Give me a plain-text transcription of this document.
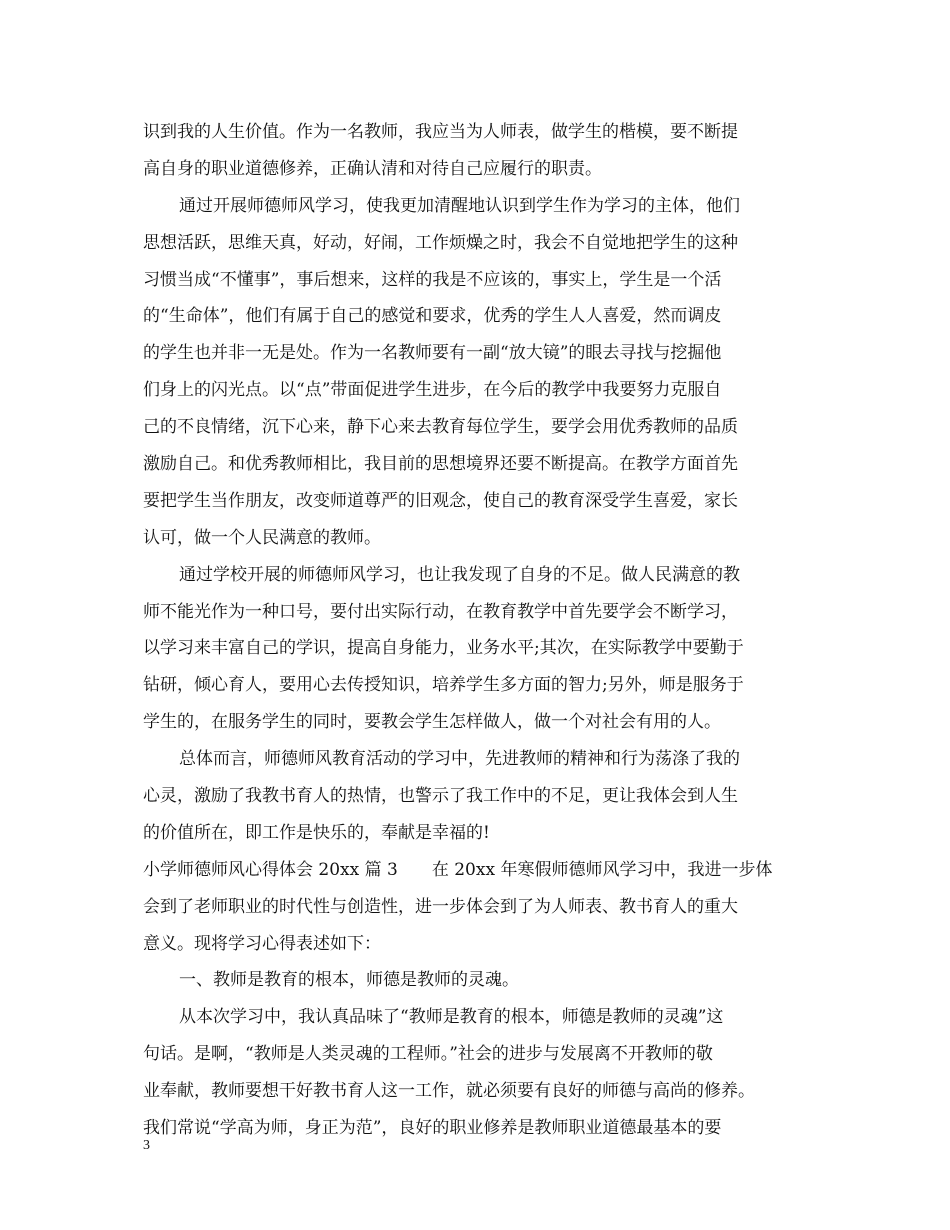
识到我的人生价值。作为一名教师，我应当为人师表，做学生的楷模，要不断提
高自身的职业道德修养，正确认清和对待自己应履行的职责。
通过开展师德师风学习，使我更加清醒地认识到学生作为学习的主体，他们
思想活跃，思维天真，好动，好闹，工作烦燥之时，我会不自觉地把学生的这种
习惯当成“不懂事”，事后想来，这样的我是不应该的，事实上，学生是一个活
的“生命体”，他们有属于自己的感觉和要求，优秀的学生人人喜爱，然而调皮
的学生也并非一无是处。作为一名教师要有一副“放大镜”的眼去寻找与挖掘他
们身上的闪光点。以“点”带面促进学生进步，在今后的教学中我要努力克服自
己的不良情绪，沉下心来，静下心来去教育每位学生，要学会用优秀教师的品质
激励自己。和优秀教师相比，我目前的思想境界还要不断提高。在教学方面首先
要把学生当作朋友，改变师道尊严的旧观念，使自己的教育深受学生喜爱，家长
认可，做一个人民满意的教师。
通过学校开展的师德师风学习，也让我发现了自身的不足。做人民满意的教
师不能光作为一种口号，要付出实际行动，在教育教学中首先要学会不断学习，
以学习来丰富自己的学识，提高自身能力，业务水平;其次，在实际教学中要勤于
钻研，倾心育人，要用心去传授知识，培养学生多方面的智力;另外，师是服务于
学生的，在服务学生的同时，要教会学生怎样做人，做一个对社会有用的人。
总体而言，师德师风教育活动的学习中，先进教师的精神和行为荡涤了我的
心灵，激励了我教书育人的热情，也警示了我工作中的不足，更让我体会到人生
的价值所在，即工作是快乐的，奉献是幸福的!
小学师德师风心得体会 20xx 篇 3　　在 20xx 年寒假师德师风学习中，我进一步体
会到了老师职业的时代性与创造性，进一步体会到了为人师表、教书育人的重大
意义。现将学习心得表述如下：
一、教师是教育的根本，师德是教师的灵魂。
从本次学习中，我认真品味了“教师是教育的根本，师德是教师的灵魂”这
句话。是啊，“教师是人类灵魂的工程师。”社会的进步与发展离不开教师的敬
业奉献，教师要想干好教书育人这一工作，就必须要有良好的师德与高尚的修养。
我们常说“学高为师，身正为范”，良好的职业修养是教师职业道德最基本的要
3
